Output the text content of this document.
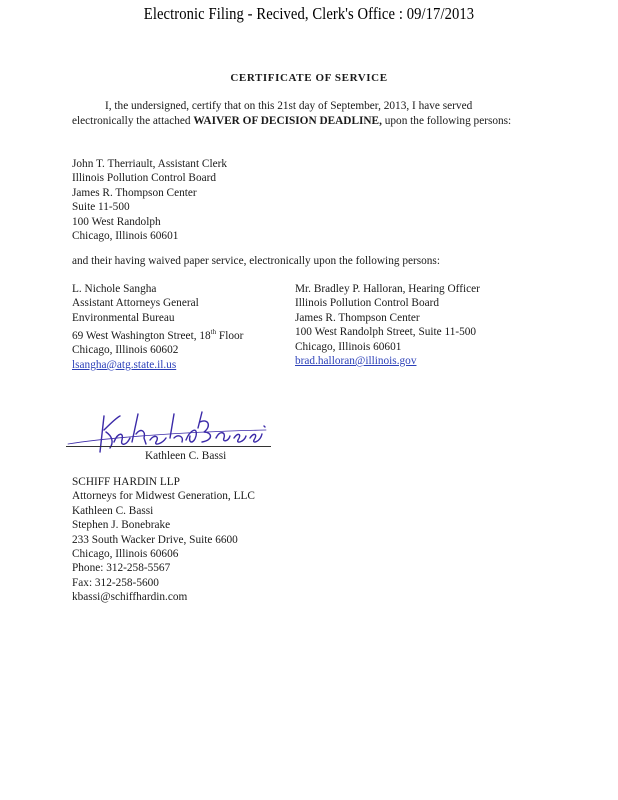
Electronic Filing - Recived, Clerk's Office : 09/17/2013
CERTIFICATE OF SERVICE
I, the undersigned, certify that on this 21st day of September, 2013, I have served electronically the attached WAIVER OF DECISION DEADLINE, upon the following persons:
John T. Therriault, Assistant Clerk
Illinois Pollution Control Board
James R. Thompson Center
Suite 11-500
100 West Randolph
Chicago, Illinois 60601
and their having waived paper service, electronically upon the following persons:
L. Nichole Sangha
Assistant Attorneys General
Environmental Bureau
69 West Washington Street, 18th Floor
Chicago, Illinois 60602
lsangha@atg.state.il.us
Mr. Bradley P. Halloran, Hearing Officer
Illinois Pollution Control Board
James R. Thompson Center
100 West Randolph Street, Suite 11-500
Chicago, Illinois 60601
brad.halloran@illinois.gov
Kathleen C. Bassi
SCHIFF HARDIN LLP
Attorneys for Midwest Generation, LLC
Kathleen C. Bassi
Stephen J. Bonebrake
233 South Wacker Drive, Suite 6600
Chicago, Illinois 60606
Phone: 312-258-5567
Fax: 312-258-5600
kbassi@schiffhardin.com
